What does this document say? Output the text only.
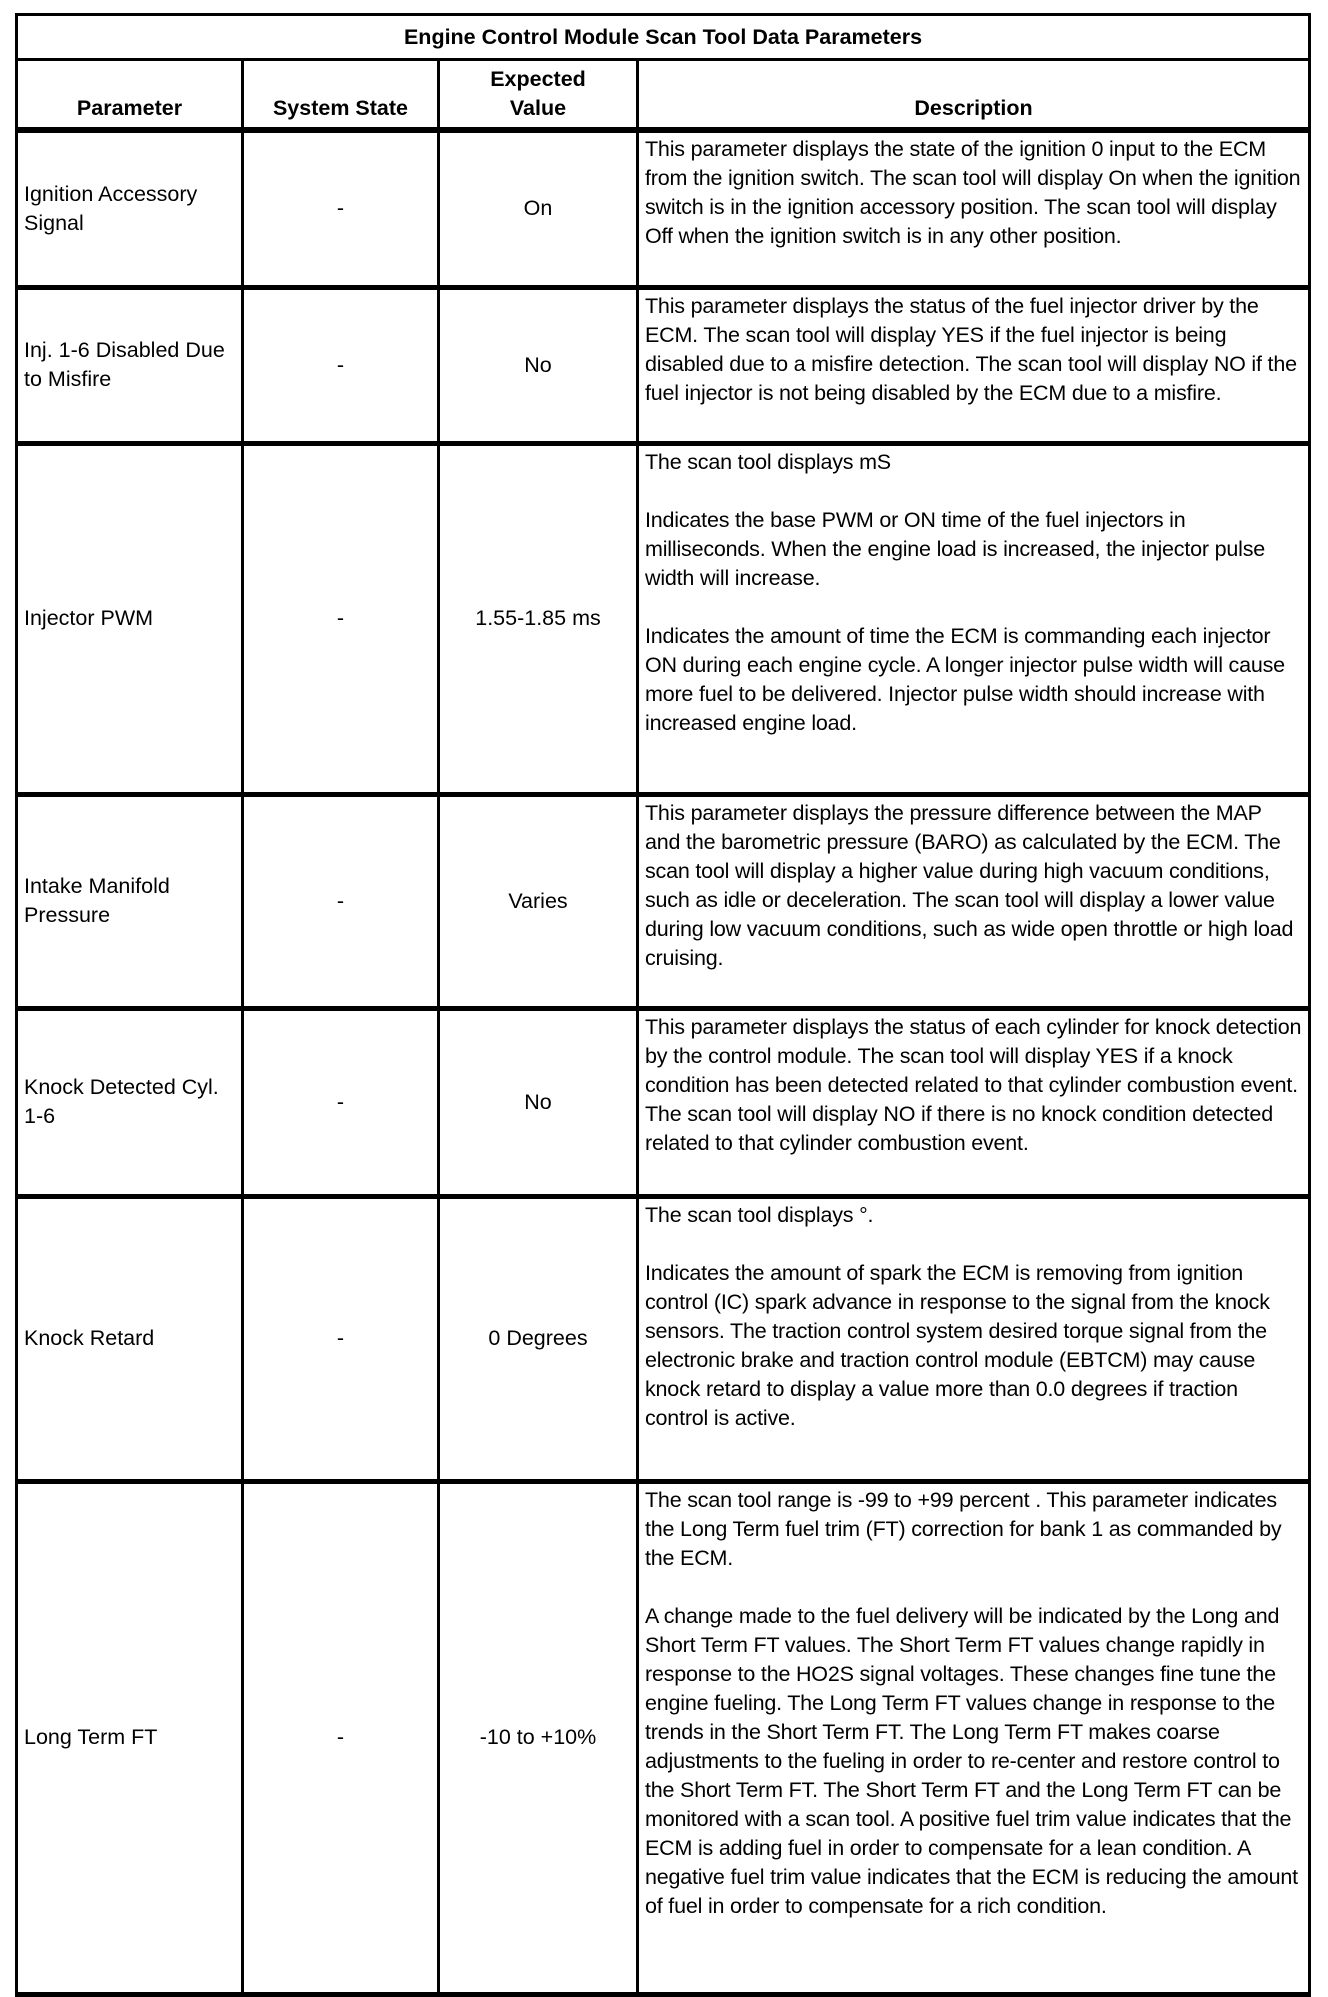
Engine Control Module Scan Tool Data Parameters			
Parameter	System State	Expected Value	Description
Ignition Accessory Signal	-	On	This parameter displays the state of the ignition 0 input to the ECM from the ignition switch. The scan tool will display On when the ignition switch is in the ignition accessory position. The scan tool will display Off when the ignition switch is in any other position.

Inj. 1-6 Disabled Due to Misfire	-	No	This parameter displays the status of the fuel injector driver by the ECM. The scan tool will display YES if the fuel injector is being disabled due to a misfire detection. The scan tool will display NO if the fuel injector is not being disabled by the ECM due to a misfire.

Injector PWM	-	1.55-1.85 ms	The scan tool displays mS

Indicates the base PWM or ON time of the fuel injectors in milliseconds. When the engine load is increased, the injector pulse width will increase.

Indicates the amount of time the ECM is commanding each injector ON during each engine cycle. A longer injector pulse width will cause more fuel to be delivered. Injector pulse width should increase with increased engine load.

Intake Manifold Pressure	-	Varies	This parameter displays the pressure difference between the MAP and the barometric pressure (BARO) as calculated by the ECM. The scan tool will display a higher value during high vacuum conditions, such as idle or deceleration. The scan tool will display a lower value during low vacuum conditions, such as wide open throttle or high load cruising.

Knock Detected Cyl. 1-6	-	No	This parameter displays the status of each cylinder for knock detection by the control module. The scan tool will display YES if a knock condition has been detected related to that cylinder combustion event. The scan tool will display NO if there is no knock condition detected related to that cylinder combustion event.

Knock Retard	-	0 Degrees	The scan tool displays °.

Indicates the amount of spark the ECM is removing from ignition control (IC) spark advance in response to the signal from the knock sensors. The traction control system desired torque signal from the electronic brake and traction control module (EBTCM) may cause knock retard to display a value more than 0.0 degrees if traction control is active.

Long Term FT	-	-10 to +10%	The scan tool range is -99 to +99 percent . This parameter indicates the Long Term fuel trim (FT) correction for bank 1 as commanded by the ECM.

A change made to the fuel delivery will be indicated by the Long and Short Term FT values. The Short Term FT values change rapidly in response to the HO2S signal voltages. These changes fine tune the engine fueling. The Long Term FT values change in response to the trends in the Short Term FT. The Long Term FT makes coarse adjustments to the fueling in order to re-center and restore control to the Short Term FT. The Short Term FT and the Long Term FT can be monitored with a scan tool. A positive fuel trim value indicates that the ECM is adding fuel in order to compensate for a lean condition. A negative fuel trim value indicates that the ECM is reducing the amount of fuel in order to compensate for a rich condition.
